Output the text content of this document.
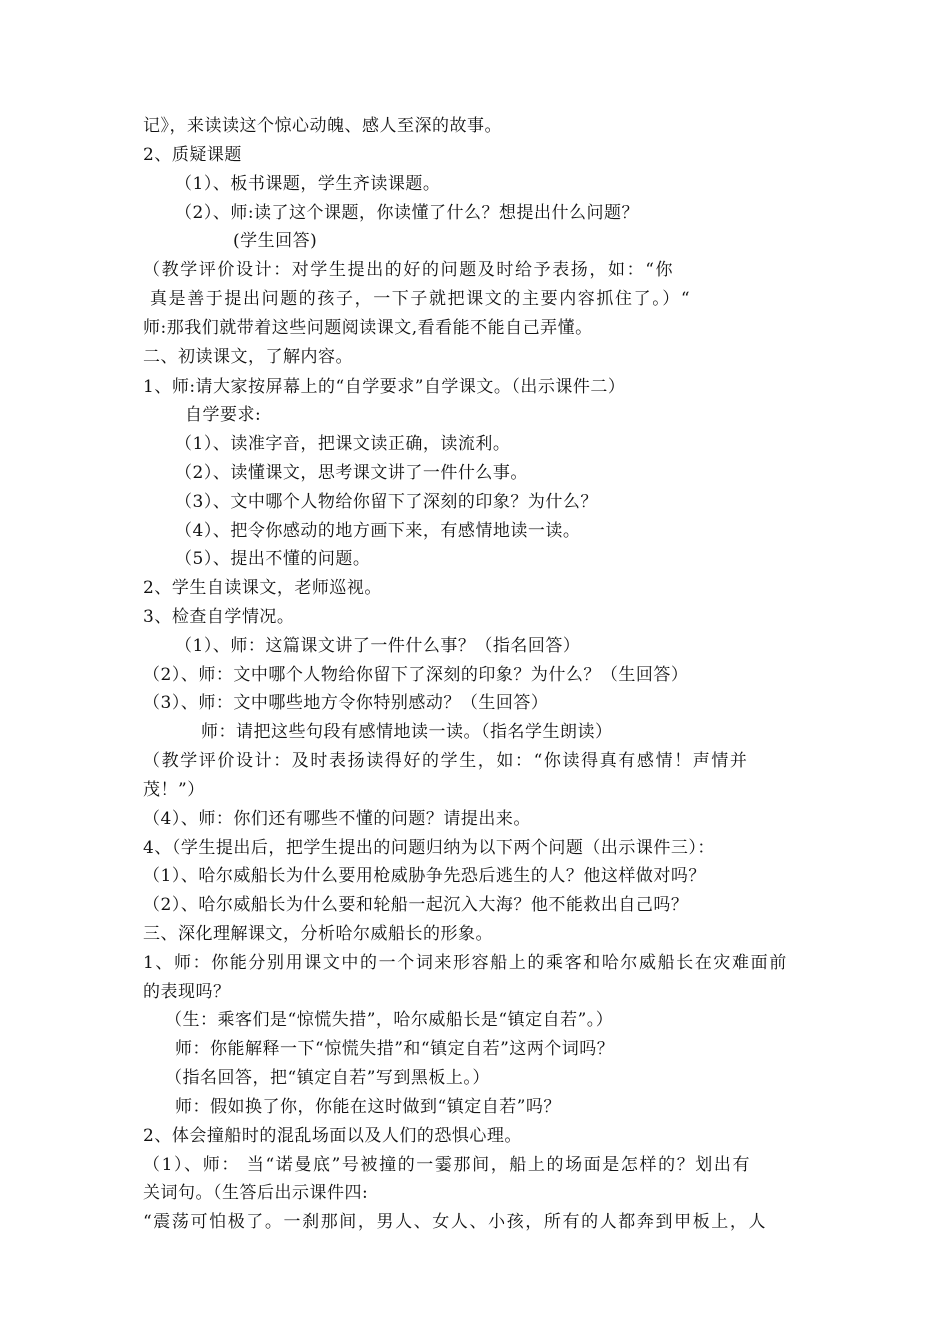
记》，来读读这个惊心动魄、感人至深的故事。
2、质疑课题
（1）、板书课题，学生齐读课题。
（2）、师:读了这个课题，你读懂了什么？想提出什么问题？
(学生回答)
（教学评价设计：对学生提出的好的问题及时给予表扬，如：“你
真是善于提出问题的孩子，一下子就把课文的主要内容抓住了。）“
师:那我们就带着这些问题阅读课文,看看能不能自己弄懂。
二、初读课文，了解内容。
1、师:请大家按屏幕上的“自学要求”自学课文。（出示课件二）
自学要求:
（1）、读准字音，把课文读正确，读流利。
（2）、读懂课文，思考课文讲了一件什么事。
（3）、文中哪个人物给你留下了深刻的印象？为什么？
（4）、把令你感动的地方画下来，有感情地读一读。
（5）、提出不懂的问题。
2、学生自读课文，老师巡视。
3、检查自学情况。
（1）、师：这篇课文讲了一件什么事？（指名回答）
（2）、师：文中哪个人物给你留下了深刻的印象？为什么？（生回答）
（3）、师：文中哪些地方令你特别感动？（生回答）
师：请把这些句段有感情地读一读。（指名学生朗读）
（教学评价设计：及时表扬读得好的学生，如：“你读得真有感情！声情并
茂！”）
（4）、师：你们还有哪些不懂的问题？请提出来。
4、（学生提出后，把学生提出的问题归纳为以下两个问题（出示课件三）：
（1）、哈尔威船长为什么要用枪威胁争先恐后逃生的人？他这样做对吗？
（2）、哈尔威船长为什么要和轮船一起沉入大海？他不能救出自己吗？
三、深化理解课文，分析哈尔威船长的形象。
1、师：你能分别用课文中的一个词来形容船上的乘客和哈尔威船长在灾难面前
的表现吗？
（生：乘客们是“惊慌失措”，哈尔威船长是“镇定自若”。）
师：你能解释一下“惊慌失措”和“镇定自若”这两个词吗？
（指名回答，把“镇定自若”写到黑板上。）
师：假如换了你，你能在这时做到“镇定自若”吗？
2、体会撞船时的混乱场面以及人们的恐惧心理。
（1）、师： 当“诺曼底”号被撞的一霎那间，船上的场面是怎样的？划出有
关词句。（生答后出示课件四:
“震荡可怕极了。一刹那间，男人、女人、小孩，所有的人都奔到甲板上，人
